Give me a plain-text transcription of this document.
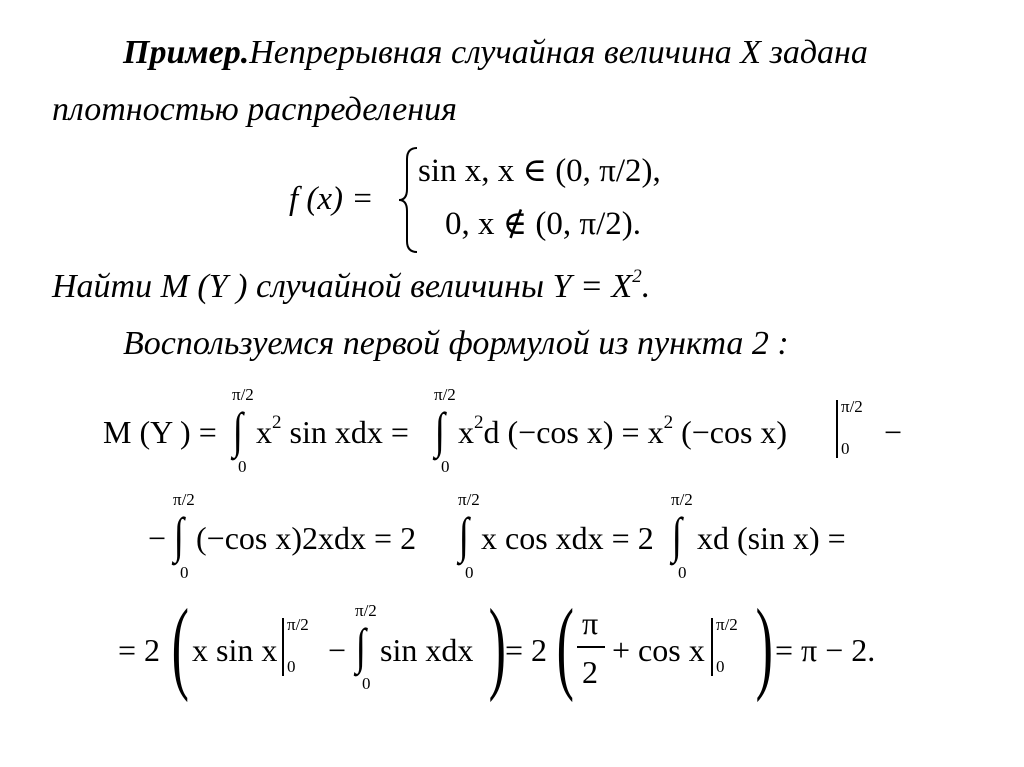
Пример.Непрерывная случайная величина X задана
плотностью распределения
f (x) =
sin x, x ∈ (0, π/2),
0, x ∉ (0, π/2).
Найти M (Y ) случайной величины $Y = X^2$.
Воспользуемся первой формулой из пункта 2 :
M (Y ) =
π/2
∫
0
$x^2$ sin xdx =
π/2
∫
0
$x^2d$ (−cos $x) = x^2$ (−cos x)
π/2
0 −
−
π/2
∫
0
(−cos x)2xdx = 2
π/2
∫
0
x cos xdx = 2
π/2
∫
0
xd (sin x) =
= 2 ( x sin x
π/2
0 −
π/2
∫
0
sin xdx ) = 2 ( π
2
+ cos x
π/2
0 ) = π − 2.
